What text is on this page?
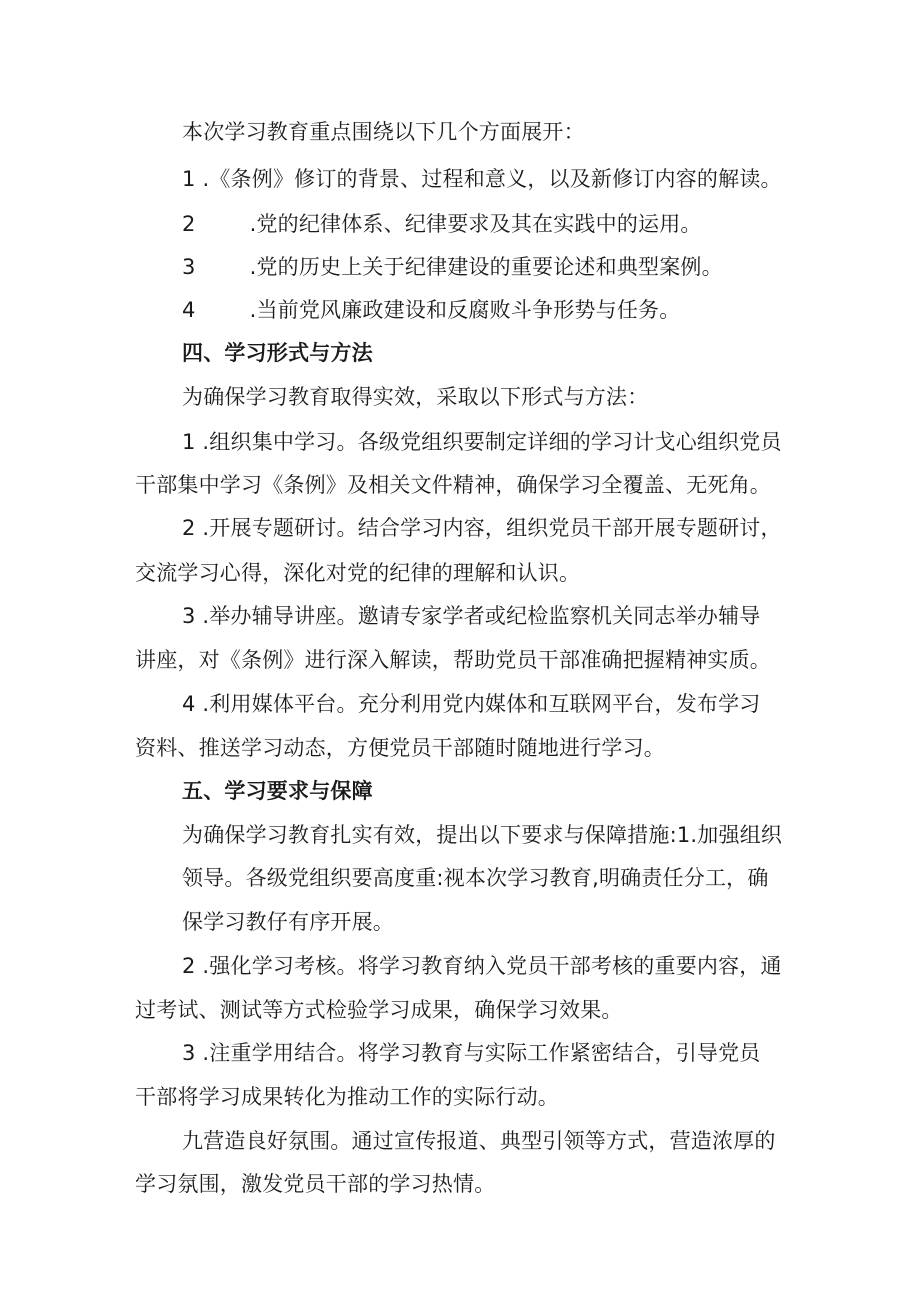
本次学习教育重点围绕以下几个方面展开：
1 .《条例》修订的背景、过程和意义，以及新修订内容的解读。
2	.党的纪律体系、纪律要求及其在实践中的运用。
3	.党的历史上关于纪律建设的重要论述和典型案例。
4	.当前党风廉政建设和反腐败斗争形势与任务。
四、学习形式与方法
为确保学习教育取得实效，采取以下形式与方法：
1 .组织集中学习。各级党组织要制定详细的学习计戈心组织党员
干部集中学习《条例》及相关文件精神，确保学习全覆盖、无死角。
2 .开展专题研讨。结合学习内容，组织党员干部开展专题研讨，
交流学习心得，深化对党的纪律的理解和认识。
3 .举办辅导讲座。邀请专家学者或纪检监察机关同志举办辅导
讲座，对《条例》进行深入解读，帮助党员干部准确把握精神实质。
4 .利用媒体平台。充分利用党内媒体和互联网平台，发布学习
资料、推送学习动态，方便党员干部随时随地进行学习。
五、学习要求与保障
为确保学习教育扎实有效，提出以下要求与保障措施:1.加强组织
领导。各级党组织要高度重:视本次学习教育,明确责任分工，确
保学习教仔有序开展。
2 .强化学习考核。将学习教育纳入党员干部考核的重要内容，通
过考试、测试等方式检验学习成果，确保学习效果。
3 .注重学用结合。将学习教育与实际工作紧密结合，引导党员
干部将学习成果转化为推动工作的实际行动。
九营造良好氛围。通过宣传报道、典型引领等方式，营造浓厚的
学习氛围，激发党员干部的学习热情。
